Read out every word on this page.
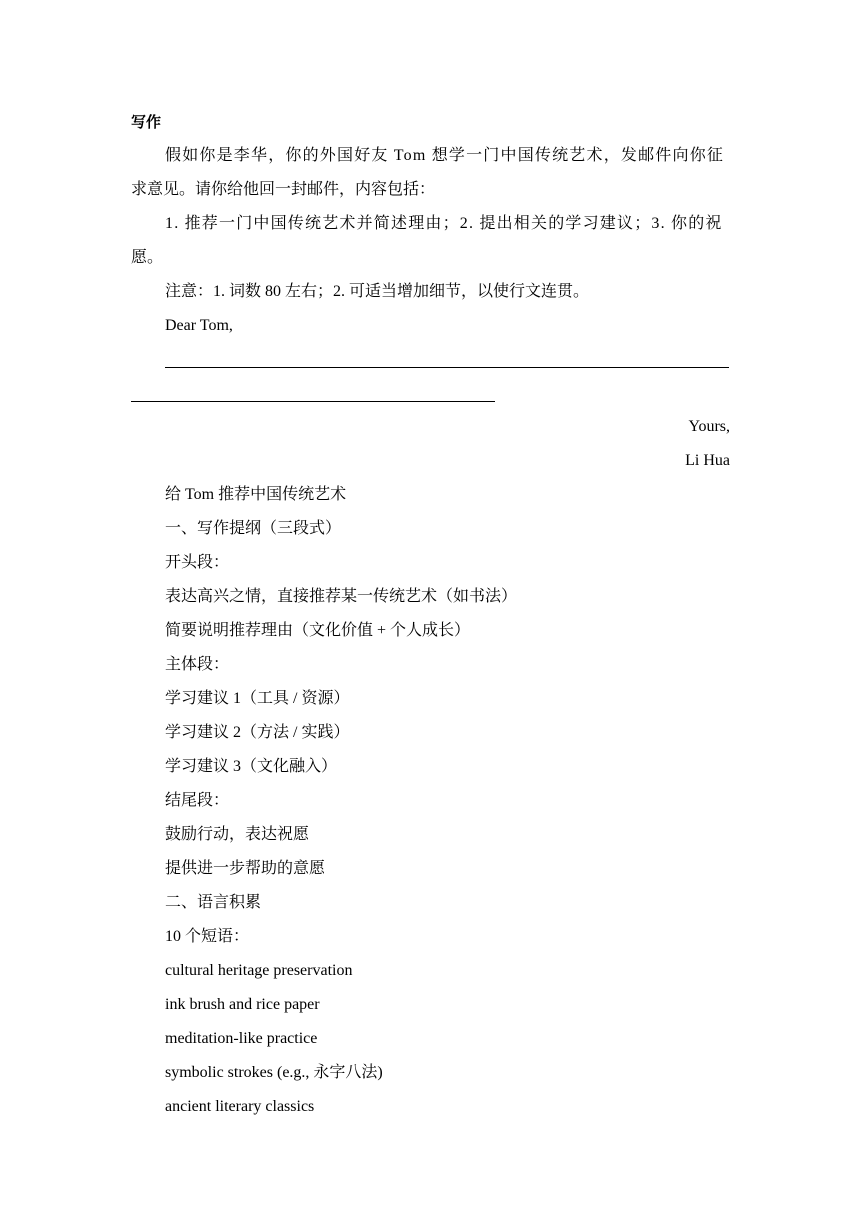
写作
假如你是李华，你的外国好友 Tom 想学一门中国传统艺术，发邮件向你征
求意见。请你给他回一封邮件，内容包括：
1. 推荐一门中国传统艺术并简述理由；2. 提出相关的学习建议；3. 你的祝
愿。
注意：1. 词数 80 左右；2. 可适当增加细节，以使行文连贯。
Dear Tom,
Yours,
Li Hua
给 Tom 推荐中国传统艺术
一、写作提纲（三段式）
开头段：
表达高兴之情，直接推荐某一传统艺术（如书法）
简要说明推荐理由（文化价值 + 个人成长）
主体段：
学习建议 1（工具 / 资源）
学习建议 2（方法 / 实践）
学习建议 3（文化融入）
结尾段：
鼓励行动，表达祝愿
提供进一步帮助的意愿
二、语言积累
10 个短语：
cultural heritage preservation
ink brush and rice paper
meditation-like practice
symbolic strokes (e.g., 永字八法)
ancient literary classics
